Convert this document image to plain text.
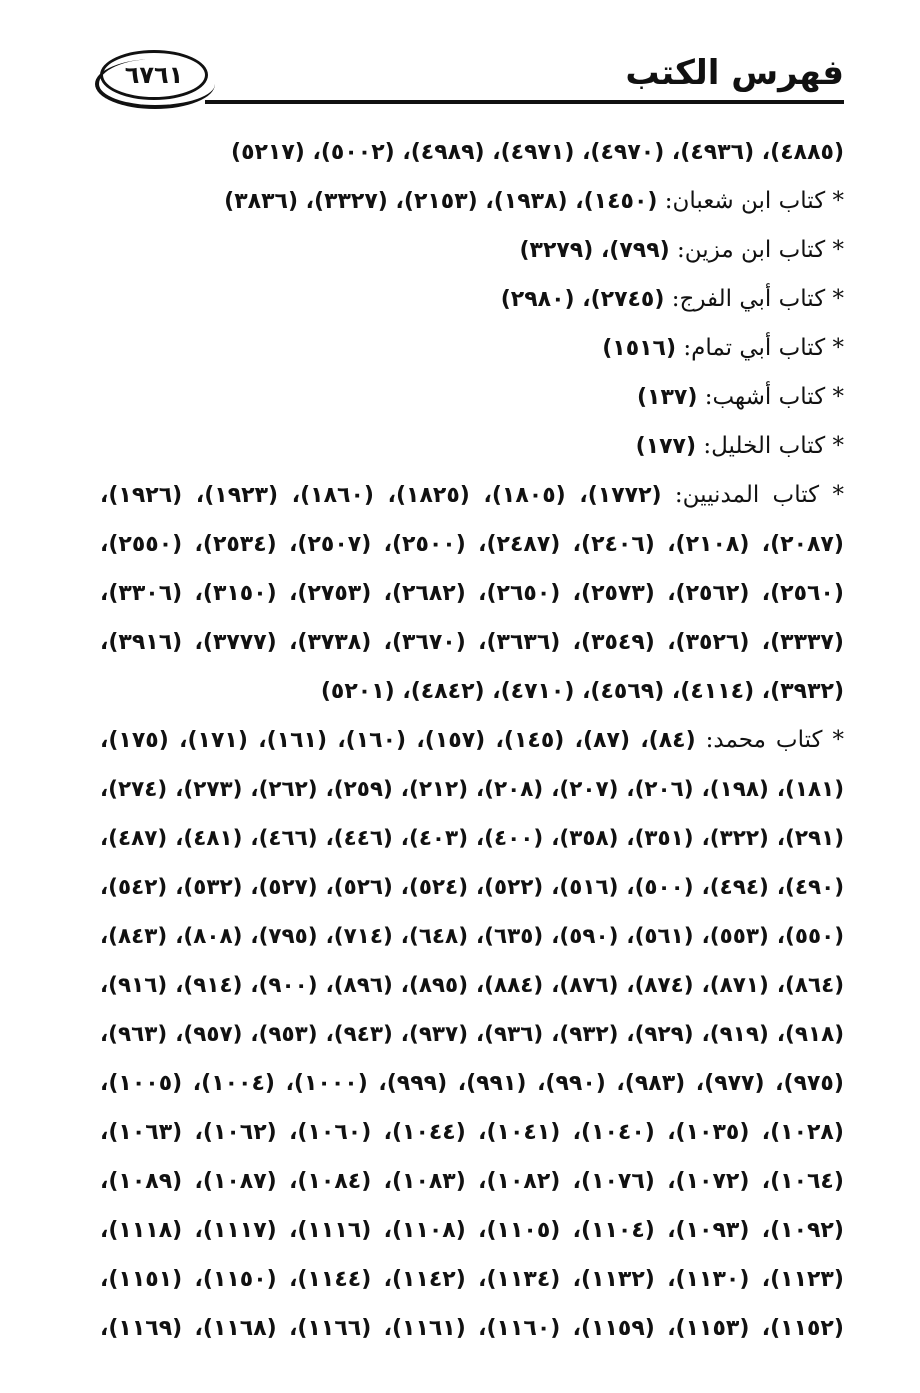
فهرس الكتب
٦٧٦١
(٤٨٨٥)، (٤٩٣٦)، (٤٩٧٠)، (٤٩٧١)، (٤٩٨٩)، (٥٠٠٢)، (٥٢١٧)
* كتاب ابن شعبان: (١٤٥٠)، (١٩٣٨)، (٢١٥٣)، (٣٣٢٧)، (٣٨٣٦)
* كتاب ابن مزين: (٧٩٩)، (٣٢٧٩)
* كتاب أبي الفرج: (٢٧٤٥)، (٢٩٨٠)
* كتاب أبي تمام: (١٥١٦)
* كتاب أشهب: (١٣٧)
* كتاب الخليل: (١٧٧)
* كتاب المدنيين: (١٧٧٢)، (١٨٠٥)، (١٨٢٥)، (١٨٦٠)، (١٩٢٣)، (١٩٢٦)،
(٢٠٨٧)، (٢١٠٨)، (٢٤٠٦)، (٢٤٨٧)، (٢٥٠٠)، (٢٥٠٧)، (٢٥٣٤)، (٢٥٥٠)،
(٢٥٦٠)، (٢٥٦٢)، (٢٥٧٣)، (٢٦٥٠)، (٢٦٨٢)، (٢٧٥٣)، (٣١٥٠)، (٣٣٠٦)،
(٣٣٣٧)، (٣٥٢٦)، (٣٥٤٩)، (٣٦٣٦)، (٣٦٧٠)، (٣٧٣٨)، (٣٧٧٧)، (٣٩١٦)،
(٣٩٣٢)، (٤١١٤)، (٤٥٦٩)، (٤٧١٠)، (٤٨٤٢)، (٥٢٠١)
* كتاب محمد: (٨٤)، (٨٧)، (١٤٥)، (١٥٧)، (١٦٠)، (١٦١)، (١٧١)، (١٧٥)،
(١٨١)، (١٩٨)، (٢٠٦)، (٢٠٧)، (٢٠٨)، (٢١٢)، (٢٥٩)، (٢٦٢)، (٢٧٣)، (٢٧٤)،
(٢٩١)، (٣٢٢)، (٣٥١)، (٣٥٨)، (٤٠٠)، (٤٠٣)، (٤٤٦)، (٤٦٦)، (٤٨١)، (٤٨٧)،
(٤٩٠)، (٤٩٤)، (٥٠٠)، (٥١٦)، (٥٢٢)، (٥٢٤)، (٥٢٦)، (٥٢٧)، (٥٣٢)، (٥٤٢)،
(٥٥٠)، (٥٥٣)، (٥٦١)، (٥٩٠)، (٦٣٥)، (٦٤٨)، (٧١٤)، (٧٩٥)، (٨٠٨)، (٨٤٣)،
(٨٦٤)، (٨٧١)، (٨٧٤)، (٨٧٦)، (٨٨٤)، (٨٩٥)، (٨٩٦)، (٩٠٠)، (٩١٤)، (٩١٦)،
(٩١٨)، (٩١٩)، (٩٢٩)، (٩٣٢)، (٩٣٦)، (٩٣٧)، (٩٤٣)، (٩٥٣)، (٩٥٧)، (٩٦٣)،
(٩٧٥)، (٩٧٧)، (٩٨٣)، (٩٩٠)، (٩٩١)، (٩٩٩)، (١٠٠٠)، (١٠٠٤)، (١٠٠٥)،
(١٠٢٨)، (١٠٣٥)، (١٠٤٠)، (١٠٤١)، (١٠٤٤)، (١٠٦٠)، (١٠٦٢)، (١٠٦٣)،
(١٠٦٤)، (١٠٧٢)، (١٠٧٦)، (١٠٨٢)، (١٠٨٣)، (١٠٨٤)، (١٠٨٧)، (١٠٨٩)،
(١٠٩٢)، (١٠٩٣)، (١١٠٤)، (١١٠٥)، (١١٠٨)، (١١١٦)، (١١١٧)، (١١١٨)،
(١١٢٣)، (١١٣٠)، (١١٣٢)، (١١٣٤)، (١١٤٢)، (١١٤٤)، (١١٥٠)، (١١٥١)،
(١١٥٢)، (١١٥٣)، (١١٥٩)، (١١٦٠)، (١١٦١)، (١١٦٦)، (١١٦٨)، (١١٦٩)،
